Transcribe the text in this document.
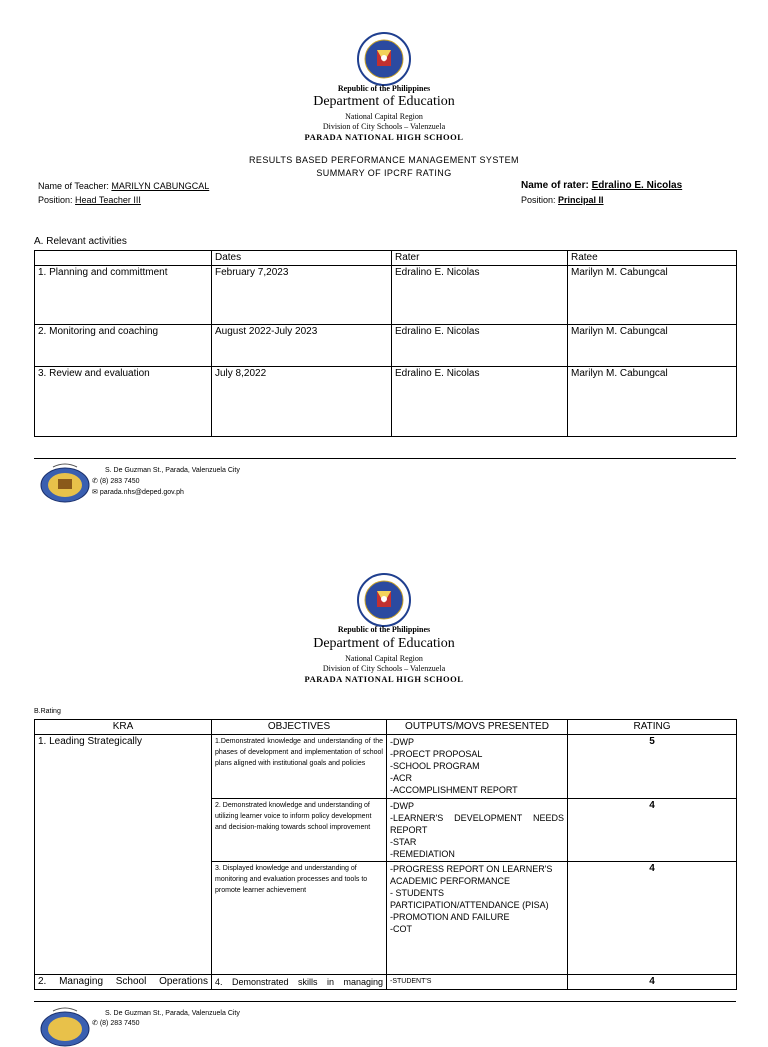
Republic of the Philippines
Department of Education
National Capital Region
Division of City Schools – Valenzuela
PARADA NATIONAL HIGH SCHOOL
RESULTS BASED PERFORMANCE MANAGEMENT SYSTEM
SUMMARY OF IPCRF RATING
Name of Teacher: MARILYN CABUNGCAL
Position: Head Teacher III
Name of rater: Edralino E. Nicolas
Position: Principal II
A. Relevant activities
	Dates	Rater	Ratee
1. Planning and committment	February 7,2023	Edralino E. Nicolas	Marilyn M. Cabungcal
2. Monitoring and coaching	August 2022-July 2023	Edralino E. Nicolas	Marilyn M. Cabungcal
3. Review and evaluation	July 8,2022	Edralino E. Nicolas	Marilyn M. Cabungcal
S. De Guzman St., Parada, Valenzuela City
✆ (8) 283 7450
✉ parada.nhs@deped.gov.ph
Republic of the Philippines
Department of Education
National Capital Region
Division of City Schools – Valenzuela
PARADA NATIONAL HIGH SCHOOL
B.Rating
KRA	OBJECTIVES	OUTPUTS/MOVS PRESENTED	RATING
1. Leading Strategically	1.Demonstrated knowledge and understanding of the phases of development and implementation of school plans aligned with institutional goals and policies	-DWP
-PROECT PROPOSAL
-SCHOOL PROGRAM
-ACR
-ACCOMPLISHMENT REPORT	5
	2. Demonstrated knowledge and understanding of utilizing learner voice to inform policy development and decision-making towards school improvement	-DWP
-LEARNER'S DEVELOPMENT NEEDS REPORT
-STAR
-REMEDIATION	4
	3. Displayed knowledge and understanding of monitoring and evaluation processes and tools to promote learner achievement	-PROGRESS REPORT ON LEARNER'S ACADEMIC PERFORMANCE
- STUDENTS PARTICIPATION/ATTENDANCE (PISA)
-PROMOTION AND FAILURE
-COT	4
2. Managing School Operations	4. Demonstrated skills in managing	-STUDENT'S	4
S. De Guzman St., Parada, Valenzuela City
✆ (8) 283 7450
